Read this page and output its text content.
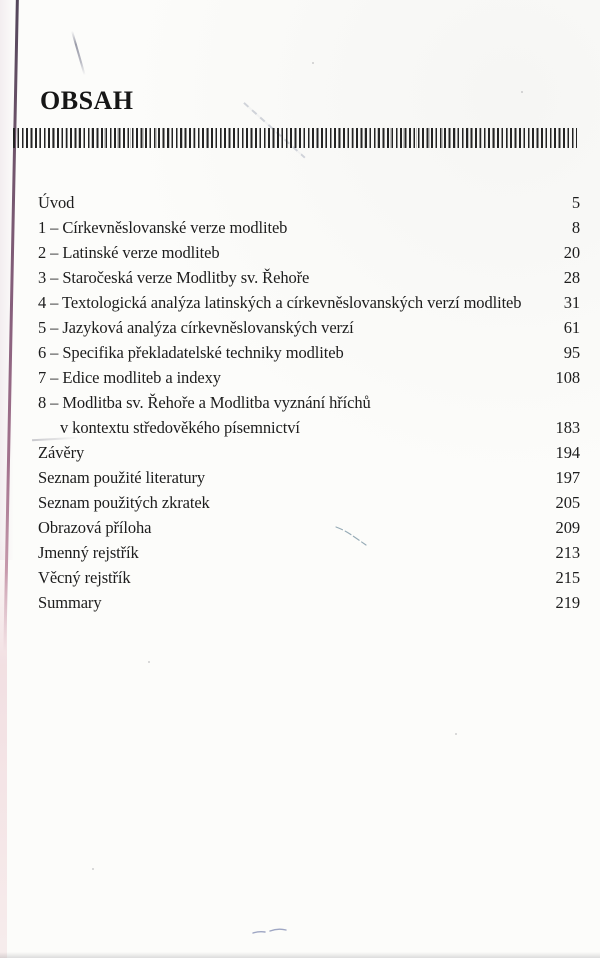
OBSAH
Úvod	5
1 – Církevněslovanské verze modliteb	8
2 – Latinské verze modliteb	20
3 – Staročeská verze Modlitby sv. Řehoře	28
4 – Textologická analýza latinských a církevněslovanských verzí modliteb	31
5 – Jazyková analýza církevněslovanských verzí	61
6 – Specifika překladatelské techniky modliteb	95
7 – Edice modliteb a indexy	108
8 – Modlitba sv. Řehoře a Modlitba vyznání hříchů
v kontextu středověkého písemnictví	183
Závěry	194
Seznam použité literatury	197
Seznam použitých zkratek	205
Obrazová příloha	209
Jmenný rejstřík	213
Věcný rejstřík	215
Summary	219
